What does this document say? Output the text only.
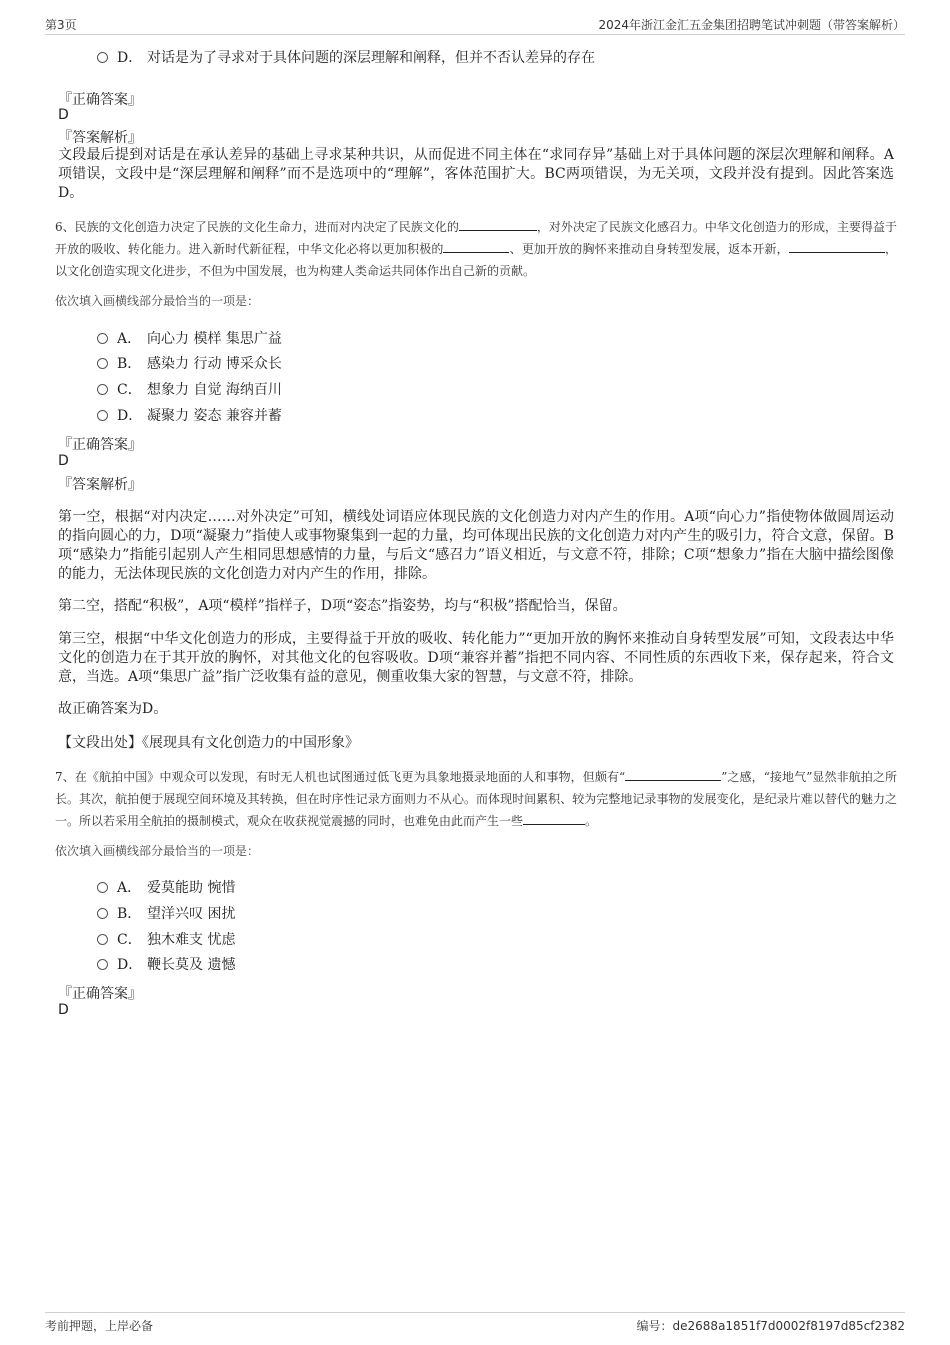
第3页	2024年浙江金汇五金集团招聘笔试冲刺题（带答案解析）
D． 对话是为了寻求对于具体问题的深层理解和阐释，但并不否认差异的存在
『正确答案』
D
『答案解析』
文段最后提到对话是在承认差异的基础上寻求某种共识，从而促进不同主体在“求同存异”基础上对于具体问题的深层次理解和阐释。A项错误，文段中是“深层理解和阐释”而不是选项中的“理解”，客体范围扩大。BC两项错误，为无关项，文段并没有提到。因此答案选D。
6、民族的文化创造力决定了民族的文化生命力，进而对内决定了民族文化的	，对外决定了民族文化感召力。中华文化创造力的形成，主要得益于开放的吸收、转化能力。进入新时代新征程，中华文化必将以更加积极的	、更加开放的胸怀来推动自身转型发展，返本开新，	，以文化创造实现文化进步，不但为中国发展，也为构建人类命运共同体作出自己新的贡献。
依次填入画横线部分最恰当的一项是：
A． 向心力 模样 集思广益
B． 感染力 行动 博采众长
C． 想象力 自觉 海纳百川
D． 凝聚力 姿态 兼容并蓄
『正确答案』
D
『答案解析』
第一空，根据“对内决定……对外决定”可知，横线处词语应体现民族的文化创造力对内产生的作用。A项“向心力”指使物体做圆周运动的指向圆心的力，D项“凝聚力”指使人或事物聚集到一起的力量，均可体现出民族的文化创造力对内产生的吸引力，符合文意，保留。B项“感染力”指能引起别人产生相同思想感情的力量，与后文“感召力”语义相近，与文意不符，排除；C项“想象力”指在大脑中描绘图像的能力，无法体现民族的文化创造力对内产生的作用，排除。
第二空，搭配“积极”，A项“模样”指样子，D项“姿态”指姿势，均与“积极”搭配恰当，保留。
第三空，根据“中华文化创造力的形成，主要得益于开放的吸收、转化能力”“更加开放的胸怀来推动自身转型发展”可知，文段表达中华文化的创造力在于其开放的胸怀，对其他文化的包容吸收。D项“兼容并蓄”指把不同内容、不同性质的东西收下来，保存起来，符合文意，当选。A项“集思广益”指广泛收集有益的意见，侧重收集大家的智慧，与文意不符，排除。
故正确答案为D。
【文段出处】《展现具有文化创造力的中国形象》
7、在《航拍中国》中观众可以发现，有时无人机也试图通过低飞更为具象地摄录地面的人和事物，但颇有“	”之感，“接地气”显然非航拍之所长。其次，航拍便于展现空间环境及其转换，但在时序性记录方面则力不从心。而体现时间累积、较为完整地记录事物的发展变化，是纪录片难以替代的魅力之一。所以若采用全航拍的摄制模式，观众在收获视觉震撼的同时，也难免由此而产生一些	。
依次填入画横线部分最恰当的一项是：
A． 爱莫能助 惋惜
B． 望洋兴叹 困扰
C． 独木难支 忧虑
D． 鞭长莫及 遗憾
『正确答案』
D
考前押题，上岸必备	编号：de2688a1851f7d0002f8197d85cf2382
